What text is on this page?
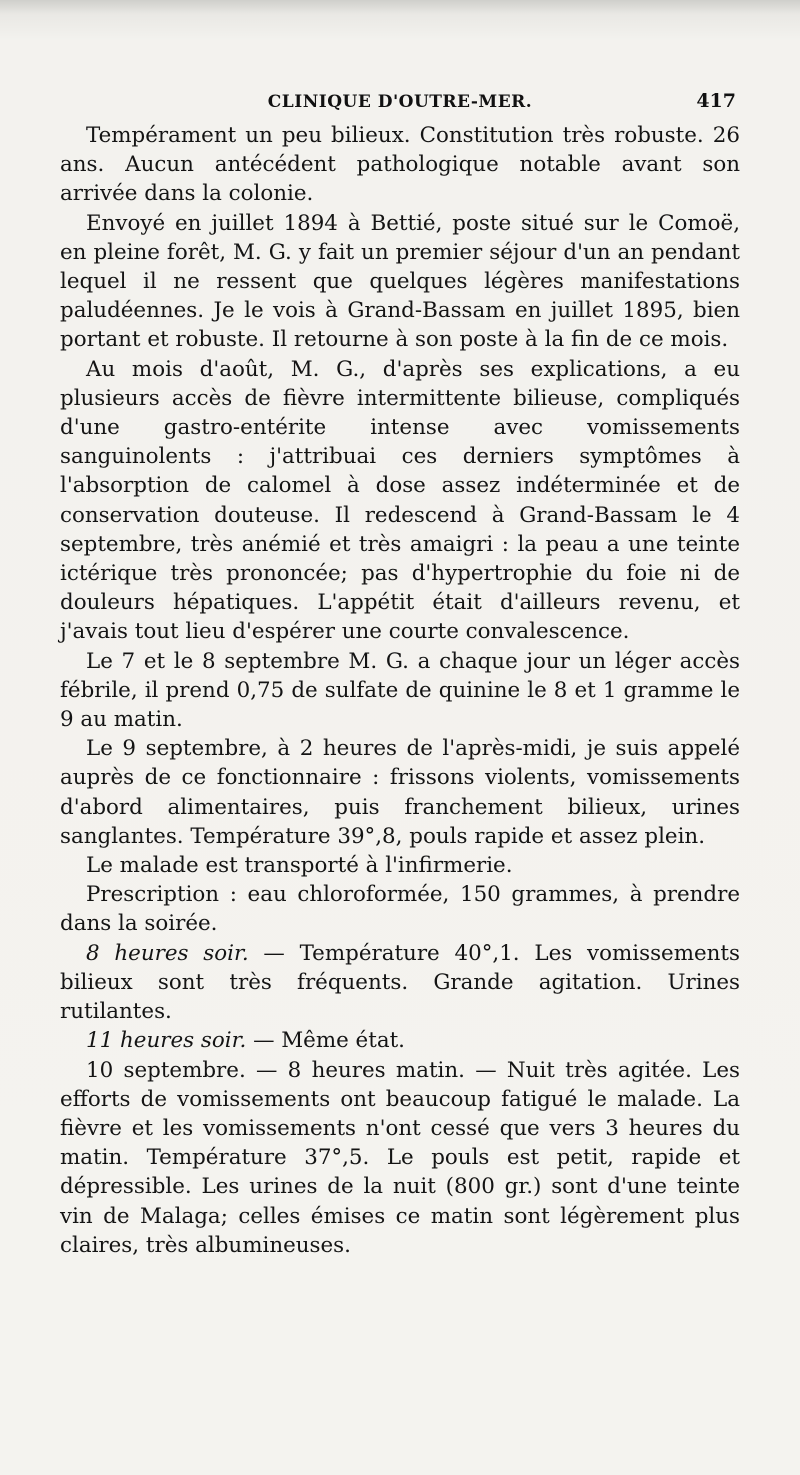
CLINIQUE D'OUTRE-MER.	417

Tempérament un peu bilieux. Constitution très robuste. 26 ans. Aucun antécédent pathologique notable avant son arrivée dans la colonie.

Envoyé en juillet 1894 à Bettié, poste situé sur le Comoë, en pleine forêt, M. G. y fait un premier séjour d'un an pendant lequel il ne ressent que quelques légères manifestations paludéennes. Je le vois à Grand-Bassam en juillet 1895, bien portant et robuste. Il retourne à son poste à la fin de ce mois.

Au mois d'août, M. G., d'après ses explications, a eu plusieurs accès de fièvre intermittente bilieuse, compliqués d'une gastro-entérite intense avec vomissements sanguinolents : j'attribuai ces derniers symptômes à l'absorption de calomel à dose assez indéterminée et de conservation douteuse. Il redescend à Grand-Bassam le 4 septembre, très anémié et très amaigri : la peau a une teinte ictérique très prononcée; pas d'hypertrophie du foie ni de douleurs hépatiques. L'appétit était d'ailleurs revenu, et j'avais tout lieu d'espérer une courte convalescence.

Le 7 et le 8 septembre M. G. a chaque jour un léger accès fébrile, il prend 0,75 de sulfate de quinine le 8 et 1 gramme le 9 au matin.

Le 9 septembre, à 2 heures de l'après-midi, je suis appelé auprès de ce fonctionnaire : frissons violents, vomissements d'abord alimentaires, puis franchement bilieux, urines sanglantes. Température 39°,8, pouls rapide et assez plein.

Le malade est transporté à l'infirmerie.

Prescription : eau chloroformée, 150 grammes, à prendre dans la soirée.

8 heures soir. — Température 40°,1. Les vomissements bilieux sont très fréquents. Grande agitation. Urines rutilantes.

11 heures soir. — Même état.

10 septembre. — 8 heures matin. — Nuit très agitée. Les efforts de vomissements ont beaucoup fatigué le malade. La fièvre et les vomissements n'ont cessé que vers 3 heures du matin. Température 37°,5. Le pouls est petit, rapide et dépressible. Les urines de la nuit (800 gr.) sont d'une teinte vin de Malaga; celles émises ce matin sont légèrement plus claires, très albumineuses.
